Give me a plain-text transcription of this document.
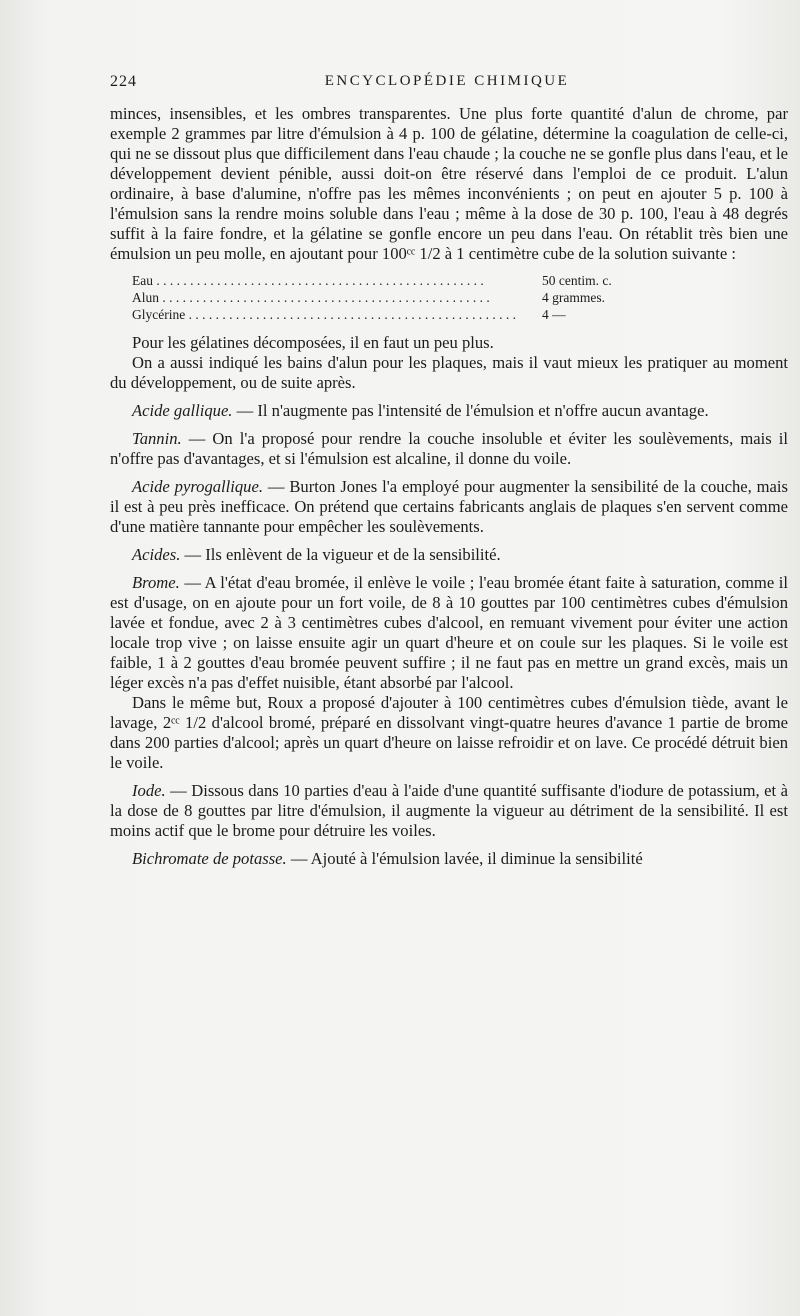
224	ENCYCLOPÉDIE CHIMIQUE

minces, insensibles, et les ombres transparentes. Une plus forte quantité d'alun de chrome, par exemple 2 grammes par litre d'émulsion à 4 p. 100 de gélatine, détermine la coagulation de celle-ci, qui ne se dissout plus que difficilement dans l'eau chaude ; la couche ne se gonfle plus dans l'eau, et le développement devient pénible, aussi doit-on être réservé dans l'emploi de ce produit. L'alun ordinaire, à base d'alumine, n'offre pas les mêmes inconvénients ; on peut en ajouter 5 p. 100 à l'émulsion sans la rendre moins soluble dans l'eau ; même à la dose de 30 p. 100, l'eau à 48 degrés suffit à la faire fondre, et la gélatine se gonfle encore un peu dans l'eau. On rétablit très bien une émulsion un peu molle, en ajoutant pour 100ᶜᶜ 1/2 à 1 centimètre cube de la solution suivante :

Eau . . .	50 centim. c.
Alun . . .	4 grammes.
Glycérine . . .	4 —

Pour les gélatines décomposées, il en faut un peu plus.

On a aussi indiqué les bains d'alun pour les plaques, mais il vaut mieux les pratiquer au moment du développement, ou de suite après.

Acide gallique. — Il n'augmente pas l'intensité de l'émulsion et n'offre aucun avantage.

Tannin. — On l'a proposé pour rendre la couche insoluble et éviter les soulèvements, mais il n'offre pas d'avantages, et si l'émulsion est alcaline, il donne du voile.

Acide pyrogallique. — Burton Jones l'a employé pour augmenter la sensibilité de la couche, mais il est à peu près inefficace. On prétend que certains fabricants anglais de plaques s'en servent comme d'une matière tannante pour empêcher les soulèvements.

Acides. — Ils enlèvent de la vigueur et de la sensibilité.

Brome. — A l'état d'eau bromée, il enlève le voile ; l'eau bromée étant faite à saturation, comme il est d'usage, on en ajoute pour un fort voile, de 8 à 10 gouttes par 100 centimètres cubes d'émulsion lavée et fondue, avec 2 à 3 centimètres cubes d'alcool, en remuant vivement pour éviter une action locale trop vive ; on laisse ensuite agir un quart d'heure et on coule sur les plaques. Si le voile est faible, 1 à 2 gouttes d'eau bromée peuvent suffire ; il ne faut pas en mettre un grand excès, mais un léger excès n'a pas d'effet nuisible, étant absorbé par l'alcool.

Dans le même but, Roux a proposé d'ajouter à 100 centimètres cubes d'émulsion tiède, avant le lavage, 2ᶜᶜ 1/2 d'alcool bromé, préparé en dissolvant vingt-quatre heures d'avance 1 partie de brome dans 200 parties d'alcool; après un quart d'heure on laisse refroidir et on lave. Ce procédé détruit bien le voile.

Iode. — Dissous dans 10 parties d'eau à l'aide d'une quantité suffisante d'iodure de potassium, et à la dose de 8 gouttes par litre d'émulsion, il augmente la vigueur au détriment de la sensibilité. Il est moins actif que le brome pour détruire les voiles.

Bichromate de potasse. — Ajouté à l'émulsion lavée, il diminue la sensibilité
